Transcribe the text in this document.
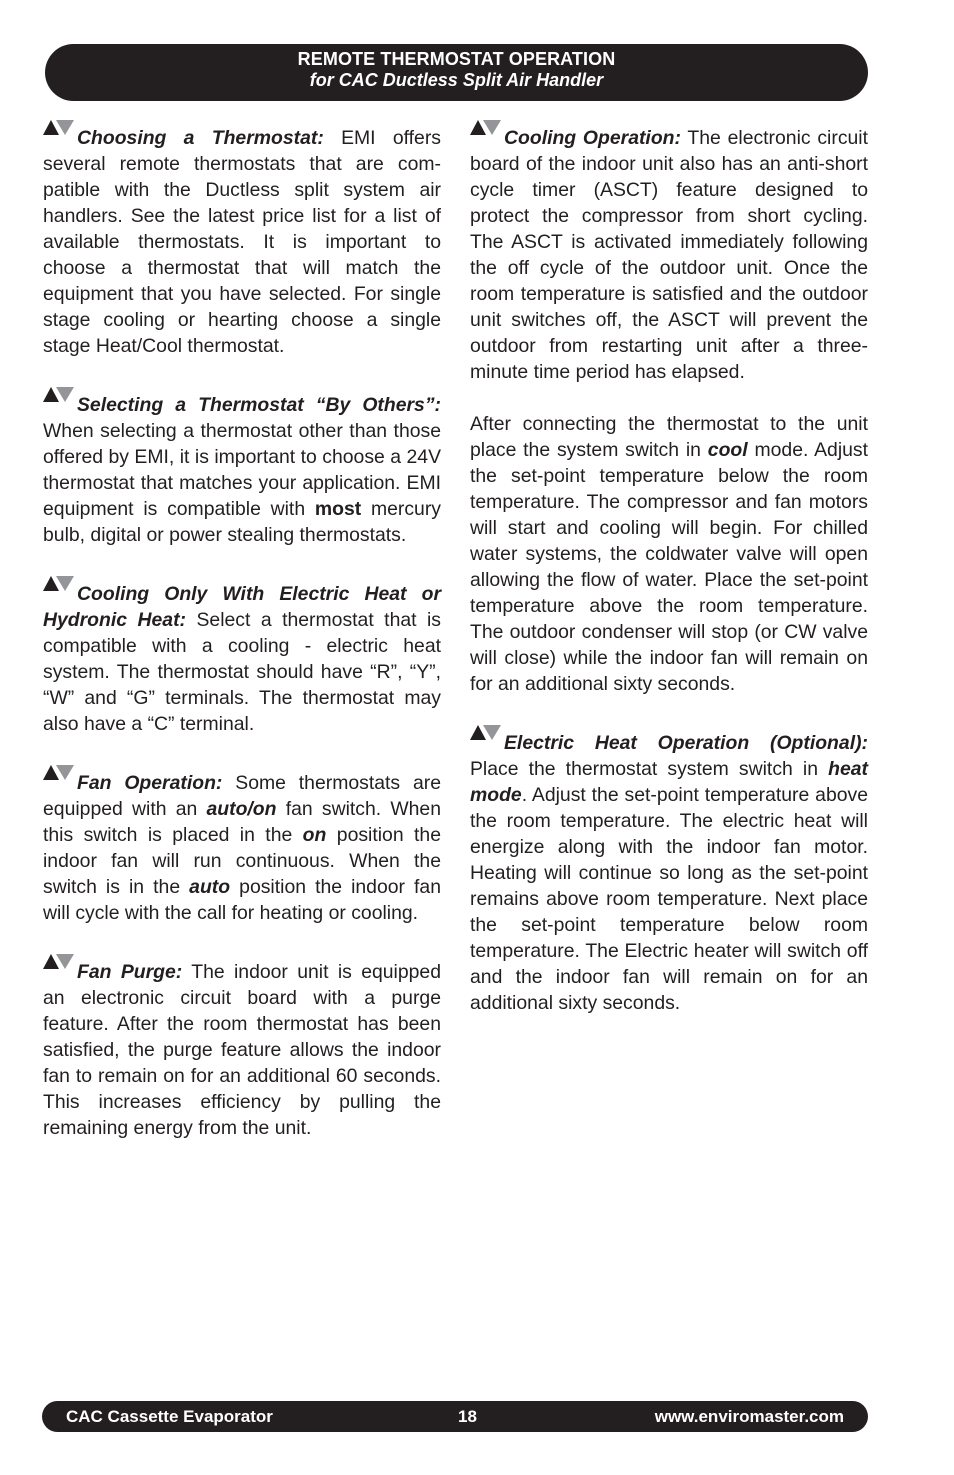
REMOTE THERMOSTAT OPERATION
for CAC Ductless Split Air Handler

Choosing a Thermostat: EMI offers several remote thermostats that are compatible with the Ductless split system air handlers. See the latest price list for a list of available thermostats. It is important to choose a thermostat that will match the equipment that you have selected. For single stage cooling or hearting choose a single stage Heat/Cool thermostat.

Selecting a Thermostat “By Others”: When selecting a thermostat other than those offered by EMI, it is important to choose a 24V thermostat that matches your application. EMI equipment is compatible with most mercury bulb, digital or power stealing thermostats.

Cooling Only With Electric Heat or Hydronic Heat: Select a thermostat that is compatible with a cooling - electric heat system. The thermostat should have “R”, “Y”, “W” and “G” terminals. The thermostat may also have a “C” terminal.

Fan Operation: Some thermostats are equipped with an auto/on fan switch. When this switch is placed in the on position the indoor fan will run continuous. When the switch is in the auto position the indoor fan will cycle with the call for heating or cooling.

Fan Purge: The indoor unit is equipped an electronic circuit board with a purge feature. After the room thermostat has been satisfied, the purge feature allows the indoor fan to remain on for an additional 60 seconds. This increases efficiency by pulling the remaining energy from the unit.

Cooling Operation: The electronic circuit board of the indoor unit also has an anti-short cycle timer (ASCT) feature designed to protect the compressor from short cycling. The ASCT is activated immediately following the off cycle of the outdoor unit. Once the room temperature is satisfied and the outdoor unit switches off, the ASCT will prevent the outdoor from restarting unit after a three-minute time period has elapsed.

After connecting the thermostat to the unit place the system switch in cool mode. Adjust the set-point temperature below the room temperature. The compressor and fan motors will start and cooling will begin. For chilled water systems, the coldwater valve will open allowing the flow of water. Place the set-point temperature above the room temperature. The outdoor condenser will stop (or CW valve will close) while the indoor fan will remain on for an additional sixty seconds.

Electric Heat Operation (Optional): Place the thermostat system switch in heat mode. Adjust the set-point temperature above the room temperature. The electric heat will energize along with the indoor fan motor. Heating will continue so long as the set-point remains above room temperature. Next place the set-point temperature below room temperature. The Electric heater will switch off and the indoor fan will remain on for an additional sixty seconds.

CAC Cassette Evaporator	18	www.enviromaster.com
